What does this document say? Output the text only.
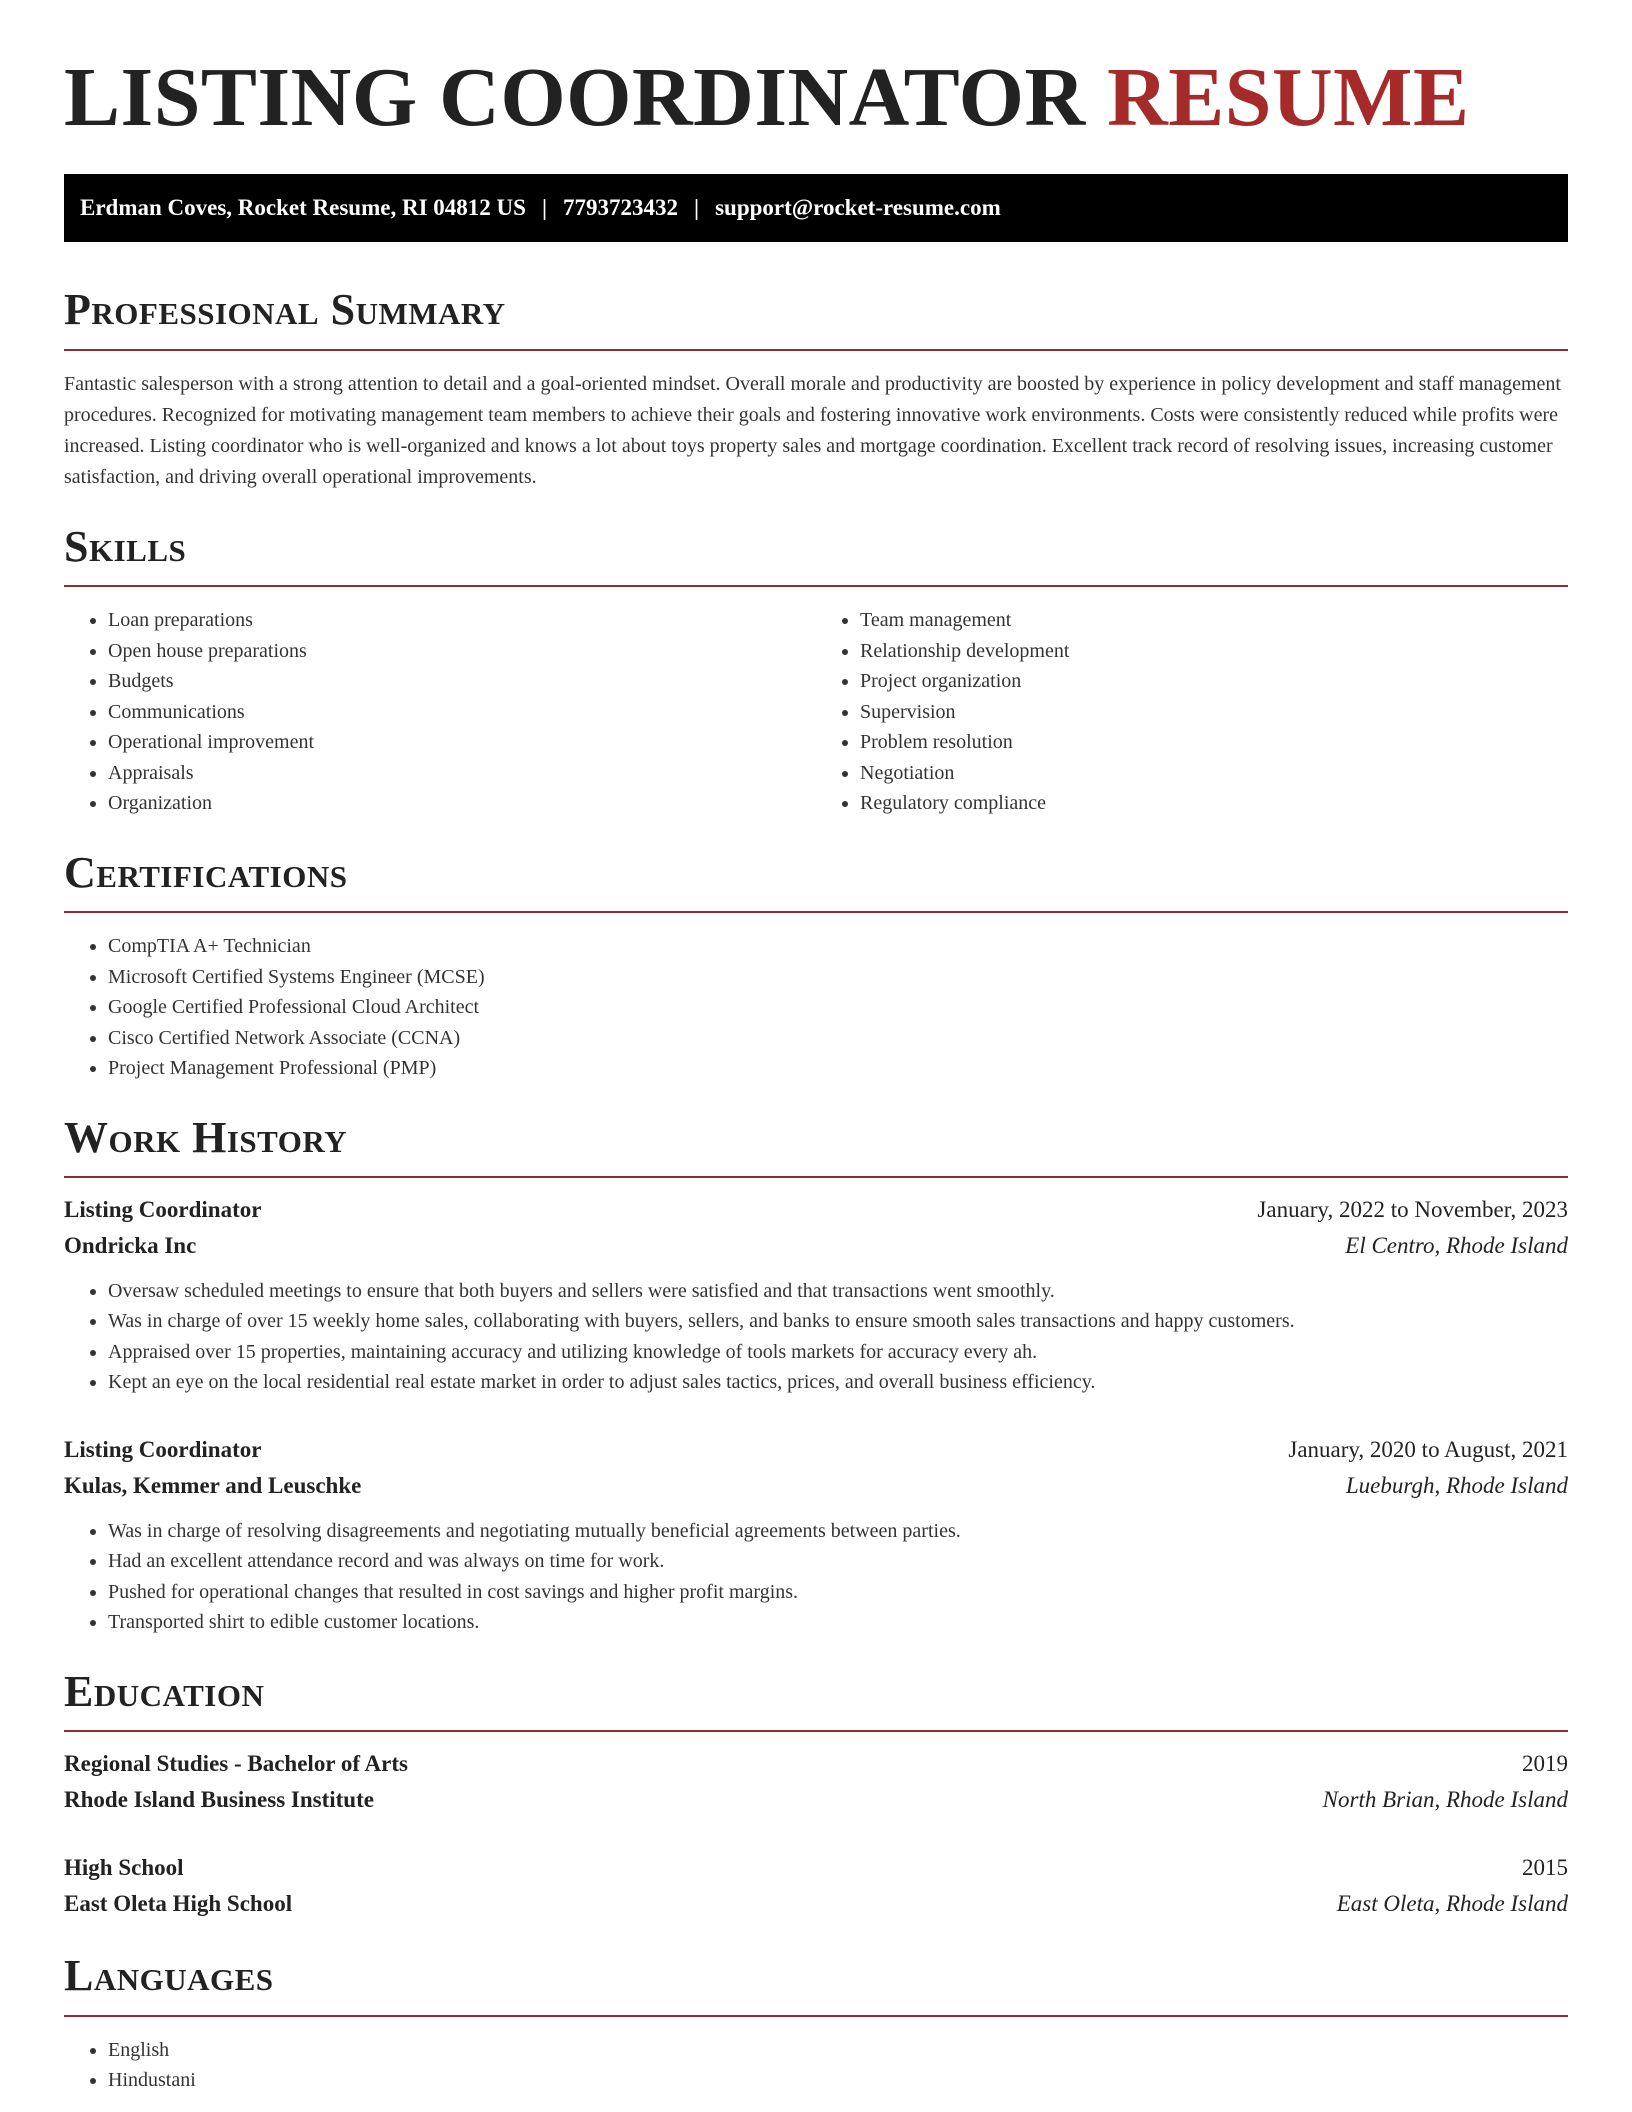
LISTING COORDINATOR RESUME
Erdman Coves, Rocket Resume, RI 04812 US | 7793723432 | support@rocket-resume.com
Professional Summary

Fantastic salesperson with a strong attention to detail and a goal-oriented mindset. Overall morale and productivity are boosted by experience in policy development and staff management procedures. Recognized for motivating management team members to achieve their goals and fostering innovative work environments. Costs were consistently reduced while profits were increased. Listing coordinator who is well-organized and knows a lot about toys property sales and mortgage coordination. Excellent track record of resolving issues, increasing customer satisfaction, and driving overall operational improvements.

Skills
• Loan preparations
• Open house preparations
• Budgets
• Communications
• Operational improvement
• Appraisals
• Organization
• Team management
• Relationship development
• Project organization
• Supervision
• Problem resolution
• Negotiation
• Regulatory compliance
Certifications
• CompTIA A+ Technician
• Microsoft Certified Systems Engineer (MCSE)
• Google Certified Professional Cloud Architect
• Cisco Certified Network Associate (CCNA)
• Project Management Professional (PMP)
Work History
Listing Coordinator	January, 2022 to November, 2023
Ondricka Inc	El Centro, Rhode Island
• Oversaw scheduled meetings to ensure that both buyers and sellers were satisfied and that transactions went smoothly.
• Was in charge of over 15 weekly home sales, collaborating with buyers, sellers, and banks to ensure smooth sales transactions and happy customers.
• Appraised over 15 properties, maintaining accuracy and utilizing knowledge of tools markets for accuracy every ah.
• Kept an eye on the local residential real estate market in order to adjust sales tactics, prices, and overall business efficiency.
Listing Coordinator	January, 2020 to August, 2021
Kulas, Kemmer and Leuschke	Lueburgh, Rhode Island
• Was in charge of resolving disagreements and negotiating mutually beneficial agreements between parties.
• Had an excellent attendance record and was always on time for work.
• Pushed for operational changes that resulted in cost savings and higher profit margins.
• Transported shirt to edible customer locations.
Education
Regional Studies - Bachelor of Arts	2019
Rhode Island Business Institute	North Brian, Rhode Island
High School	2015
East Oleta High School	East Oleta, Rhode Island
Languages
• English
• Hindustani
